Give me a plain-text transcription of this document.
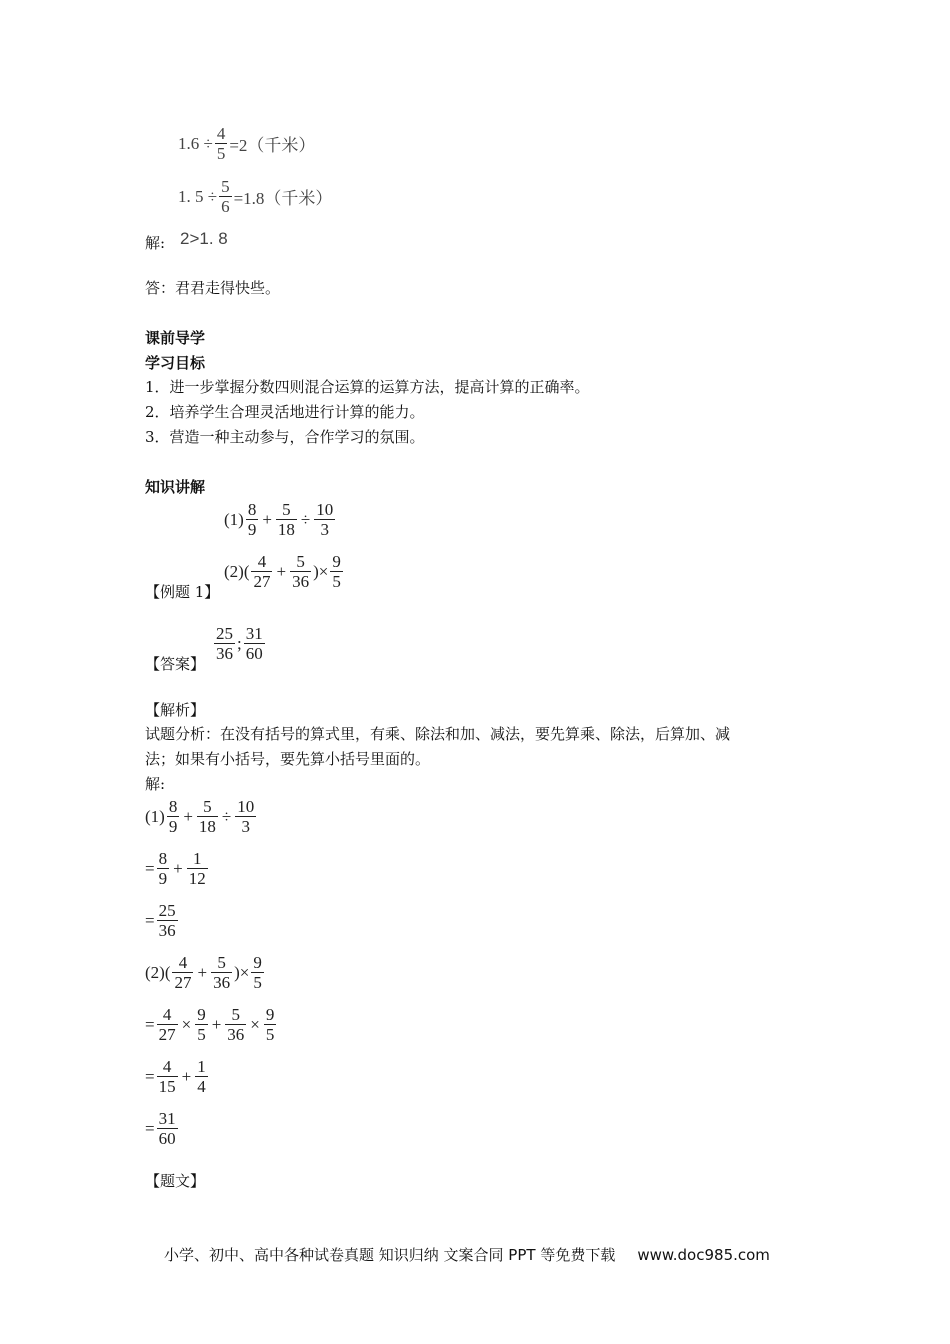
$1.6 \div \frac{4}{5} =2$（千米）
1. $5 \div \frac{5}{6} =1.8$（千米）
解: 2>1. 8
答：君君走得快些。
课前导学
学习目标
1．进一步掌握分数四则混合运算的运算方法，提高计算的正确率。
2．培养学生合理灵活地进行计算的能力。
3．营造一种主动参与，合作学习的氛围。
知识讲解
$(1) \frac{8}{9} + \frac{5}{18} \div \frac{10}{3}$
$(2)( \frac{4}{27} + \frac{5}{36}$ )× $\frac{9}{5}$
【例题 1】
$\frac{25}{36}$ ; $\frac{31}{60}$
【答案】
【解析】
试题分析：在没有括号的算式里，有乘、除法和加、减法，要先算乘、除法，后算加、减
法；如果有小括号，要先算小括号里面的。
解:
$(1) \frac{8}{9} + \frac{5}{18} \div \frac{10}{3}$
= $\frac{8}{9} + \frac{1}{12}$
= $\frac{25}{36}$
$(2)( \frac{4}{27} + \frac{5}{36}$ )× $\frac{9}{5}$
= $\frac{4}{27} \times \frac{9}{5} + \frac{5}{36} \times \frac{9}{5}$
= $\frac{4}{15} + \frac{1}{4}$
= $\frac{31}{60}$
【题文】
小学、初中、高中各种试卷真题 知识归纳 文案合同 PPT 等免费下载 www.doc985.com
